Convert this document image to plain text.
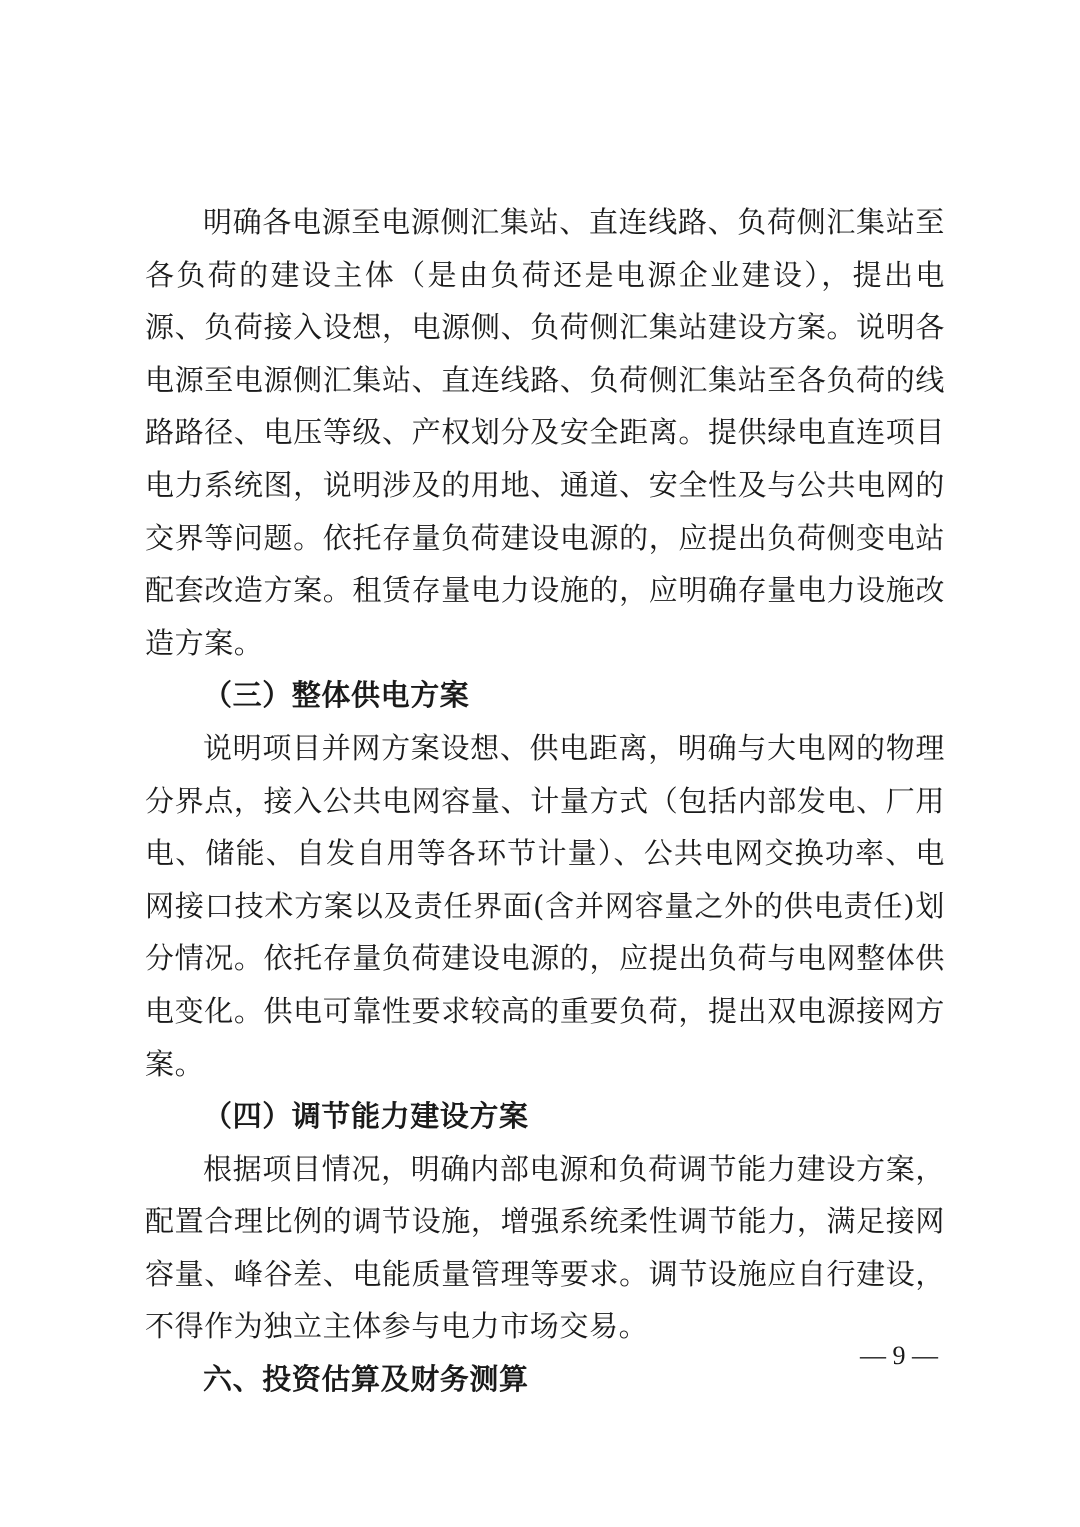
明确各电源至电源侧汇集站、直连线路、负荷侧汇集站至各负荷的建设主体（是由负荷还是电源企业建设），提出电源、负荷接入设想，电源侧、负荷侧汇集站建设方案。说明各电源至电源侧汇集站、直连线路、负荷侧汇集站至各负荷的线路路径、电压等级、产权划分及安全距离。提供绿电直连项目电力系统图，说明涉及的用地、通道、安全性及与公共电网的交界等问题。依托存量负荷建设电源的，应提出负荷侧变电站配套改造方案。租赁存量电力设施的，应明确存量电力设施改造方案。

（三）整体供电方案

说明项目并网方案设想、供电距离，明确与大电网的物理分界点，接入公共电网容量、计量方式（包括内部发电、厂用电、储能、自发自用等各环节计量）、公共电网交换功率、电网接口技术方案以及责任界面(含并网容量之外的供电责任)划分情况。依托存量负荷建设电源的，应提出负荷与电网整体供电变化。供电可靠性要求较高的重要负荷，提出双电源接网方案。

（四）调节能力建设方案

根据项目情况，明确内部电源和负荷调节能力建设方案，配置合理比例的调节设施，增强系统柔性调节能力，满足接网容量、峰谷差、电能质量管理等要求。调节设施应自行建设，不得作为独立主体参与电力市场交易。

六、投资估算及财务测算

— 9 —
